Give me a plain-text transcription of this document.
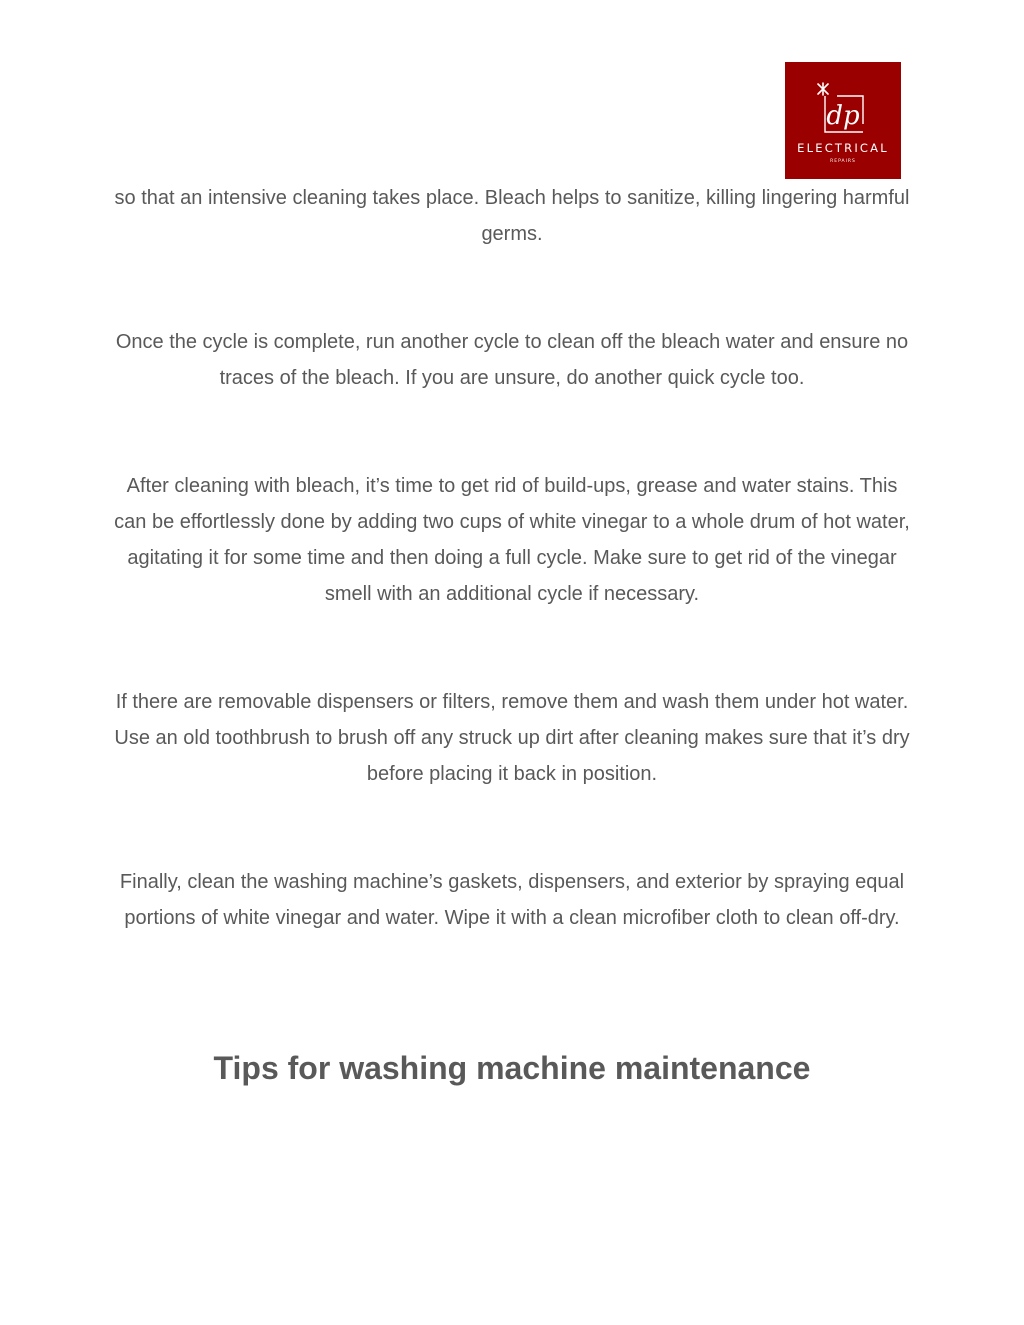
dp
ELECTRICAL
REPAIRS

so that an intensive cleaning takes place. Bleach helps to sanitize, killing lingering harmful germs.

Once the cycle is complete, run another cycle to clean off the bleach water and ensure no traces of the bleach. If you are unsure, do another quick cycle too.

After cleaning with bleach, it’s time to get rid of build-ups, grease and water stains. This can be effortlessly done by adding two cups of white vinegar to a whole drum of hot water, agitating it for some time and then doing a full cycle. Make sure to get rid of the vinegar smell with an additional cycle if necessary.

If there are removable dispensers or filters, remove them and wash them under hot water. Use an old toothbrush to brush off any struck up dirt after cleaning makes sure that it’s dry before placing it back in position.

Finally, clean the washing machine’s gaskets, dispensers, and exterior by spraying equal portions of white vinegar and water. Wipe it with a clean microfiber cloth to clean off-dry.

Tips for washing machine maintenance
